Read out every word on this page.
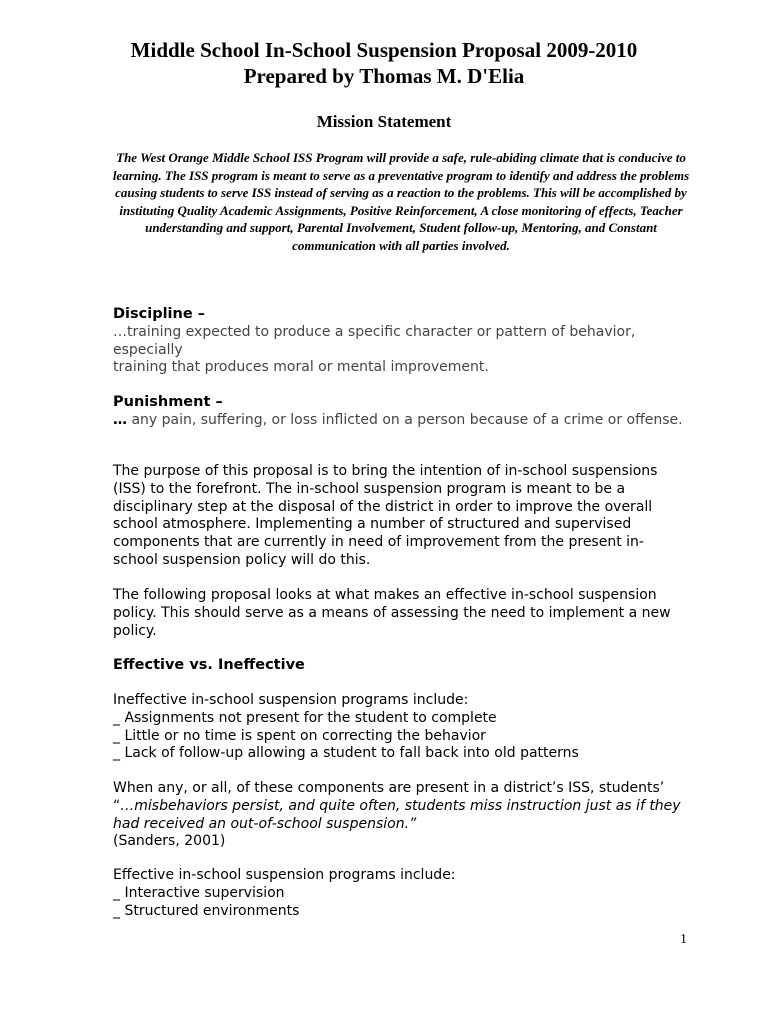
Middle School In-School Suspension Proposal 2009-2010
Prepared by Thomas M. D'Elia
Mission Statement
The West Orange Middle School ISS Program will provide a safe, rule-abiding climate that is conducive to learning. The ISS program is meant to serve as a preventative program to identify and address the problems causing students to serve ISS instead of serving as a reaction to the problems. This will be accomplished by instituting Quality Academic Assignments, Positive Reinforcement, A close monitoring of effects, Teacher understanding and support, Parental Involvement, Student follow-up, Mentoring, and Constant communication with all parties involved.

Discipline –

…training expected to produce a specific character or pattern of behavior, especially

training that produces moral or mental improvement.

Punishment –

… any pain, suffering, or loss inflicted on a person because of a crime or offense.

The purpose of this proposal is to bring the intention of in-school suspensions (ISS) to the forefront. The in-school suspension program is meant to be a disciplinary step at the disposal of the district in order to improve the overall school atmosphere. Implementing a number of structured and supervised components that are currently in need of improvement from the present in-school suspension policy will do this.

The following proposal looks at what makes an effective in-school suspension policy. This should serve as a means of assessing the need to implement a new policy.

Effective vs. Ineffective

Ineffective in-school suspension programs include:

_ Assignments not present for the student to complete

_ Little or no time is spent on correcting the behavior

_ Lack of follow-up allowing a student to fall back into old patterns

When any, or all, of these components are present in a district’s ISS, students’ “…misbehaviors persist, and quite often, students miss instruction just as if they had received an out-of-school suspension.”

(Sanders, 2001)

Effective in-school suspension programs include:

_ Interactive supervision

_ Structured environments

1
